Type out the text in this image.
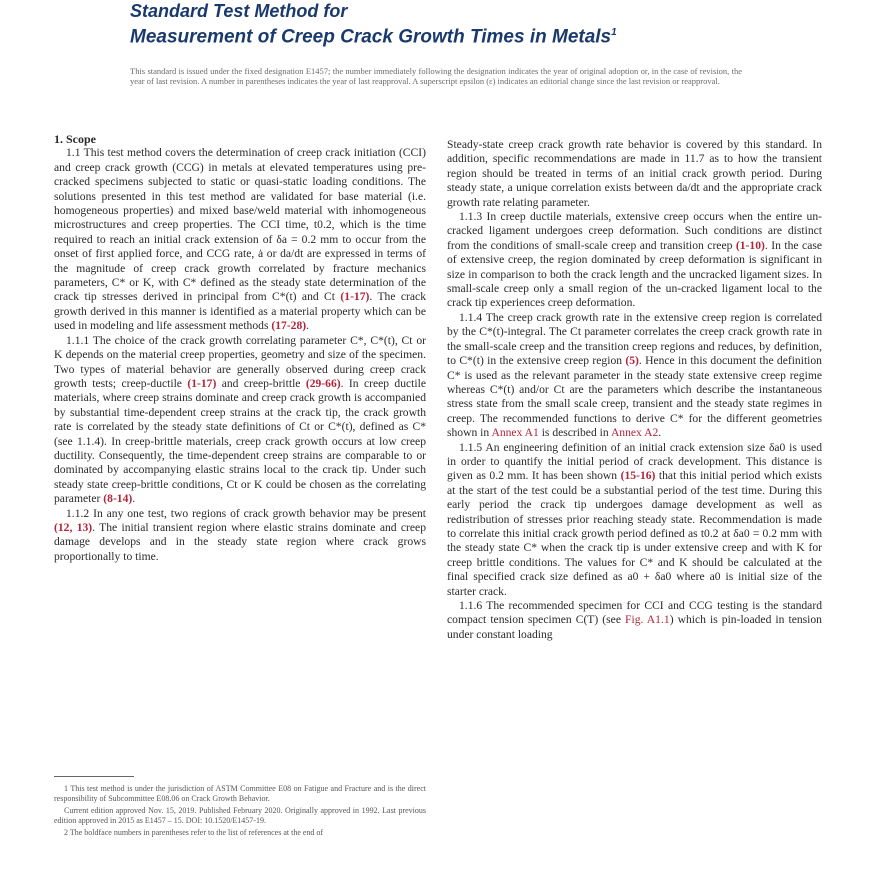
Standard Test Method for
Measurement of Creep Crack Growth Times in Metals$^1$
This standard is issued under the fixed designation E1457; the number immediately following the designation indicates the year of original adoption or, in the case of revision, the year of last revision. A number in parentheses indicates the year of last reapproval. A superscript epsilon (ε) indicates an editorial change since the last revision or reapproval.

1. Scope

1.1 This test method covers the determination of creep crack initiation (CCI) and creep crack growth (CCG) in metals at elevated temperatures using pre-cracked specimens subjected to static or quasi-static loading conditions. The solutions presented in this test method are validated for base material (i.e. homogeneous properties) and mixed base/weld material with inhomogeneous microstructures and creep properties. The CCI time, t0.2, which is the time required to reach an initial crack extension of δa = 0.2 mm to occur from the onset of first applied force, and CCG rate, ȧ or da/dt are expressed in terms of the magnitude of creep crack growth correlated by fracture mechanics parameters, C* or K, with C* defined as the steady state determination of the crack tip stresses derived in principal from C*(t) and Ct (1-17). The crack growth derived in this manner is identified as a material property which can be used in modeling and life assessment methods (17-28).

1.1.1 The choice of the crack growth correlating parameter C*, C*(t), Ct or K depends on the material creep properties, geometry and size of the specimen. Two types of material behavior are generally observed during creep crack growth tests; creep-ductile (1-17) and creep-brittle (29-66). In creep ductile materials, where creep strains dominate and creep crack growth is accompanied by substantial time-dependent creep strains at the crack tip, the crack growth rate is correlated by the steady state definitions of Ct or C*(t), defined as C* (see 1.1.4). In creep-brittle materials, creep crack growth occurs at low creep ductility. Consequently, the time-dependent creep strains are comparable to or dominated by accompanying elastic strains local to the crack tip. Under such steady state creep-brittle conditions, Ct or K could be chosen as the correlating parameter (8-14).

1.1.2 In any one test, two regions of crack growth behavior may be present (12, 13). The initial transient region where elastic strains dominate and creep damage develops and in the steady state region where crack grows proportionally to time.

1 This test method is under the jurisdiction of ASTM Committee E08 on Fatigue and Fracture and is the direct responsibility of Subcommittee E08.06 on Crack Growth Behavior.

Current edition approved Nov. 15, 2019. Published February 2020. Originally approved in 1992. Last previous edition approved in 2015 as E1457 – 15. DOI: 10.1520/E1457-19.

2 The boldface numbers in parentheses refer to the list of references at the end of

Steady-state creep crack growth rate behavior is covered by this standard. In addition, specific recommendations are made in 11.7 as to how the transient region should be treated in terms of an initial crack growth period. During steady state, a unique correlation exists between da/dt and the appropriate crack growth rate relating parameter.

1.1.3 In creep ductile materials, extensive creep occurs when the entire un-cracked ligament undergoes creep deformation. Such conditions are distinct from the conditions of small-scale creep and transition creep (1-10). In the case of extensive creep, the region dominated by creep deformation is significant in size in comparison to both the crack length and the uncracked ligament sizes. In small-scale creep only a small region of the un-cracked ligament local to the crack tip experiences creep deformation.

1.1.4 The creep crack growth rate in the extensive creep region is correlated by the C*(t)-integral. The Ct parameter correlates the creep crack growth rate in the small-scale creep and the transition creep regions and reduces, by definition, to C*(t) in the extensive creep region (5). Hence in this document the definition C* is used as the relevant parameter in the steady state extensive creep regime whereas C*(t) and/or Ct are the parameters which describe the instantaneous stress state from the small scale creep, transient and the steady state regimes in creep. The recommended functions to derive C* for the different geometries shown in Annex A1 is described in Annex A2.

1.1.5 An engineering definition of an initial crack extension size δa0 is used in order to quantify the initial period of crack development. This distance is given as 0.2 mm. It has been shown (15-16) that this initial period which exists at the start of the test could be a substantial period of the test time. During this early period the crack tip undergoes damage development as well as redistribution of stresses prior reaching steady state. Recommendation is made to correlate this initial crack growth period defined as t0.2 at δa0 = 0.2 mm with the steady state C* when the crack tip is under extensive creep and with K for creep brittle conditions. The values for C* and K should be calculated at the final specified crack size defined as a0 + δa0 where a0 is initial size of the starter crack.

1.1.6 The recommended specimen for CCI and CCG testing is the standard compact tension specimen C(T) (see Fig. A1.1) which is pin-loaded in tension under constant loading
